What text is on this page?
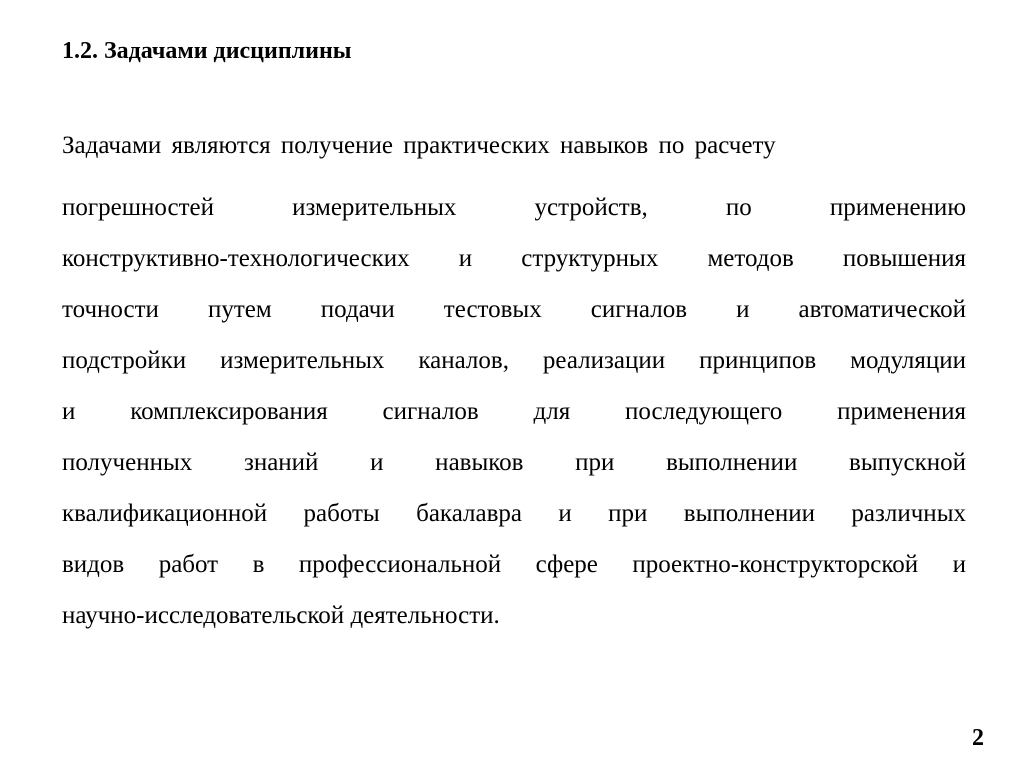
1.2. Задачами дисциплины
Задачами являются получение практических навыков по расчету
погрешностей измерительных устройств, по применению
конструктивно-технологических и структурных методов повышения
точности путем подачи тестовых сигналов и автоматической
подстройки измерительных каналов, реализации принципов модуляции
и комплексирования сигналов для последующего применения
полученных знаний и навыков при выполнении выпускной
квалификационной работы бакалавра и при выполнении различных
видов работ в профессиональной сфере проектно-конструкторской и
научно-исследовательской деятельности.
2
